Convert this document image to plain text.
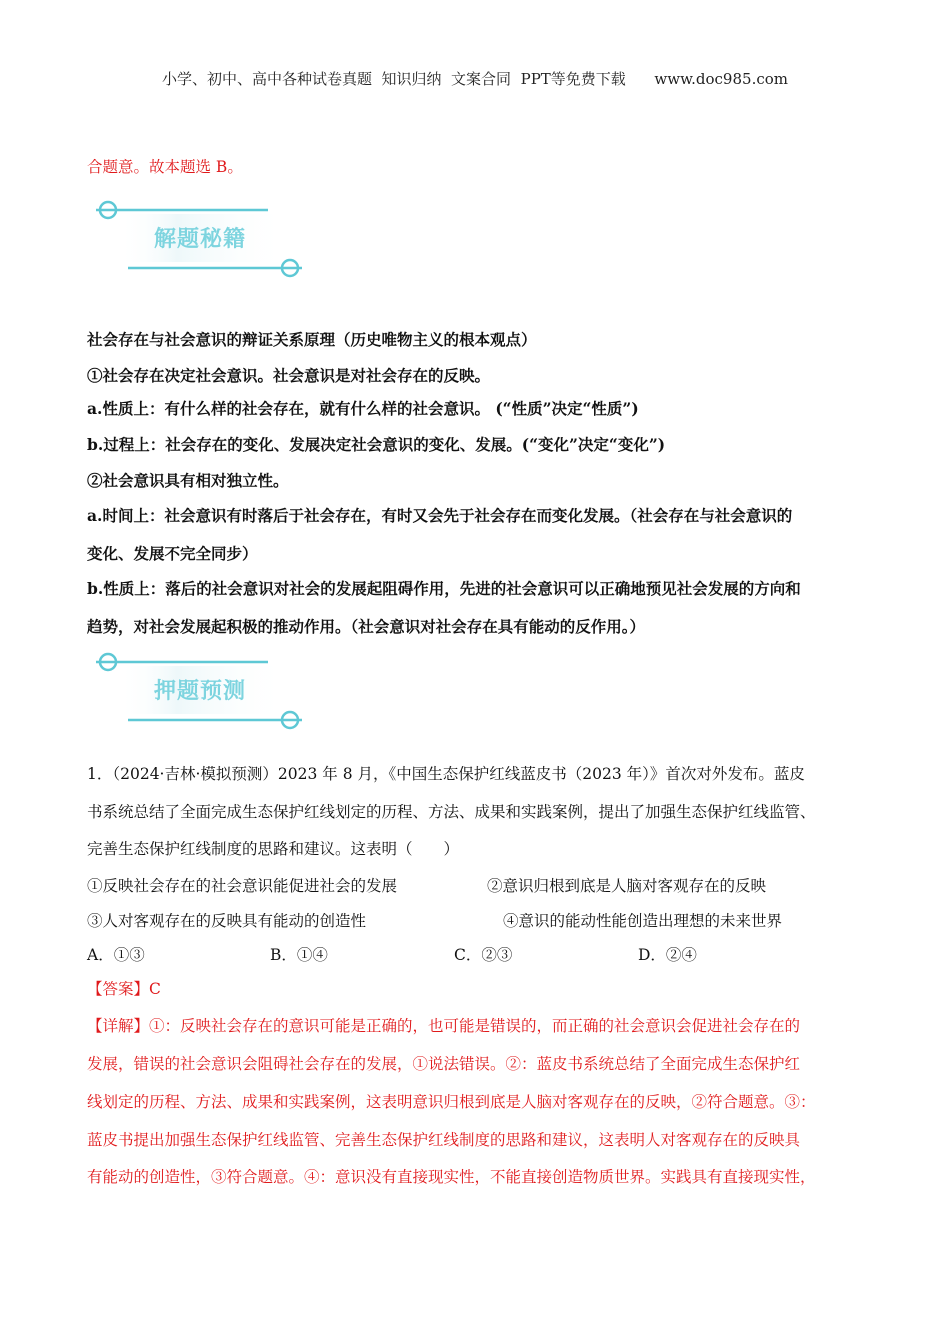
小学、初中、高中各种试卷真题  知识归纳  文案合同  PPT等免费下载      www.doc985.com
合题意。故本题选 B。
解题秘籍
社会存在与社会意识的辩证关系原理（历史唯物主义的根本观点）
①社会存在决定社会意识。社会意识是对社会存在的反映。
a.性质上：有什么样的社会存在，就有什么样的社会意识。 (“性质”决定“性质”)
b.过程上：社会存在的变化、发展决定社会意识的变化、发展。(“变化”决定“变化”)
②社会意识具有相对独立性。
a.时间上：社会意识有时落后于社会存在，有时又会先于社会存在而变化发展。（社会存在与社会意识的
变化、发展不完全同步）
b.性质上：落后的社会意识对社会的发展起阻碍作用，先进的社会意识可以正确地预见社会发展的方向和
趋势，对社会发展起积极的推动作用。（社会意识对社会存在具有能动的反作用。）
押题预测
1．（2024·吉林·模拟预测）2023 年 8 月，《中国生态保护红线蓝皮书（2023 年）》首次对外发布。蓝皮
书系统总结了全面完成生态保护红线划定的历程、方法、成果和实践案例，提出了加强生态保护红线监管、
完善生态保护红线制度的思路和建议。这表明（　　）
①反映社会存在的社会意识能促进社会的发展	②意识归根到底是人脑对客观存在的反映
③人对客观存在的反映具有能动的创造性	④意识的能动性能创造出理想的未来世界
A．①③	B．①④	C．②③	D．②④
【答案】C
【详解】①：反映社会存在的意识可能是正确的，也可能是错误的，而正确的社会意识会促进社会存在的
发展，错误的社会意识会阻碍社会存在的发展，①说法错误。②：蓝皮书系统总结了全面完成生态保护红
线划定的历程、方法、成果和实践案例，这表明意识归根到底是人脑对客观存在的反映，②符合题意。③：
蓝皮书提出加强生态保护红线监管、完善生态保护红线制度的思路和建议，这表明人对客观存在的反映具
有能动的创造性，③符合题意。④：意识没有直接现实性，不能直接创造物质世界。实践具有直接现实性，
